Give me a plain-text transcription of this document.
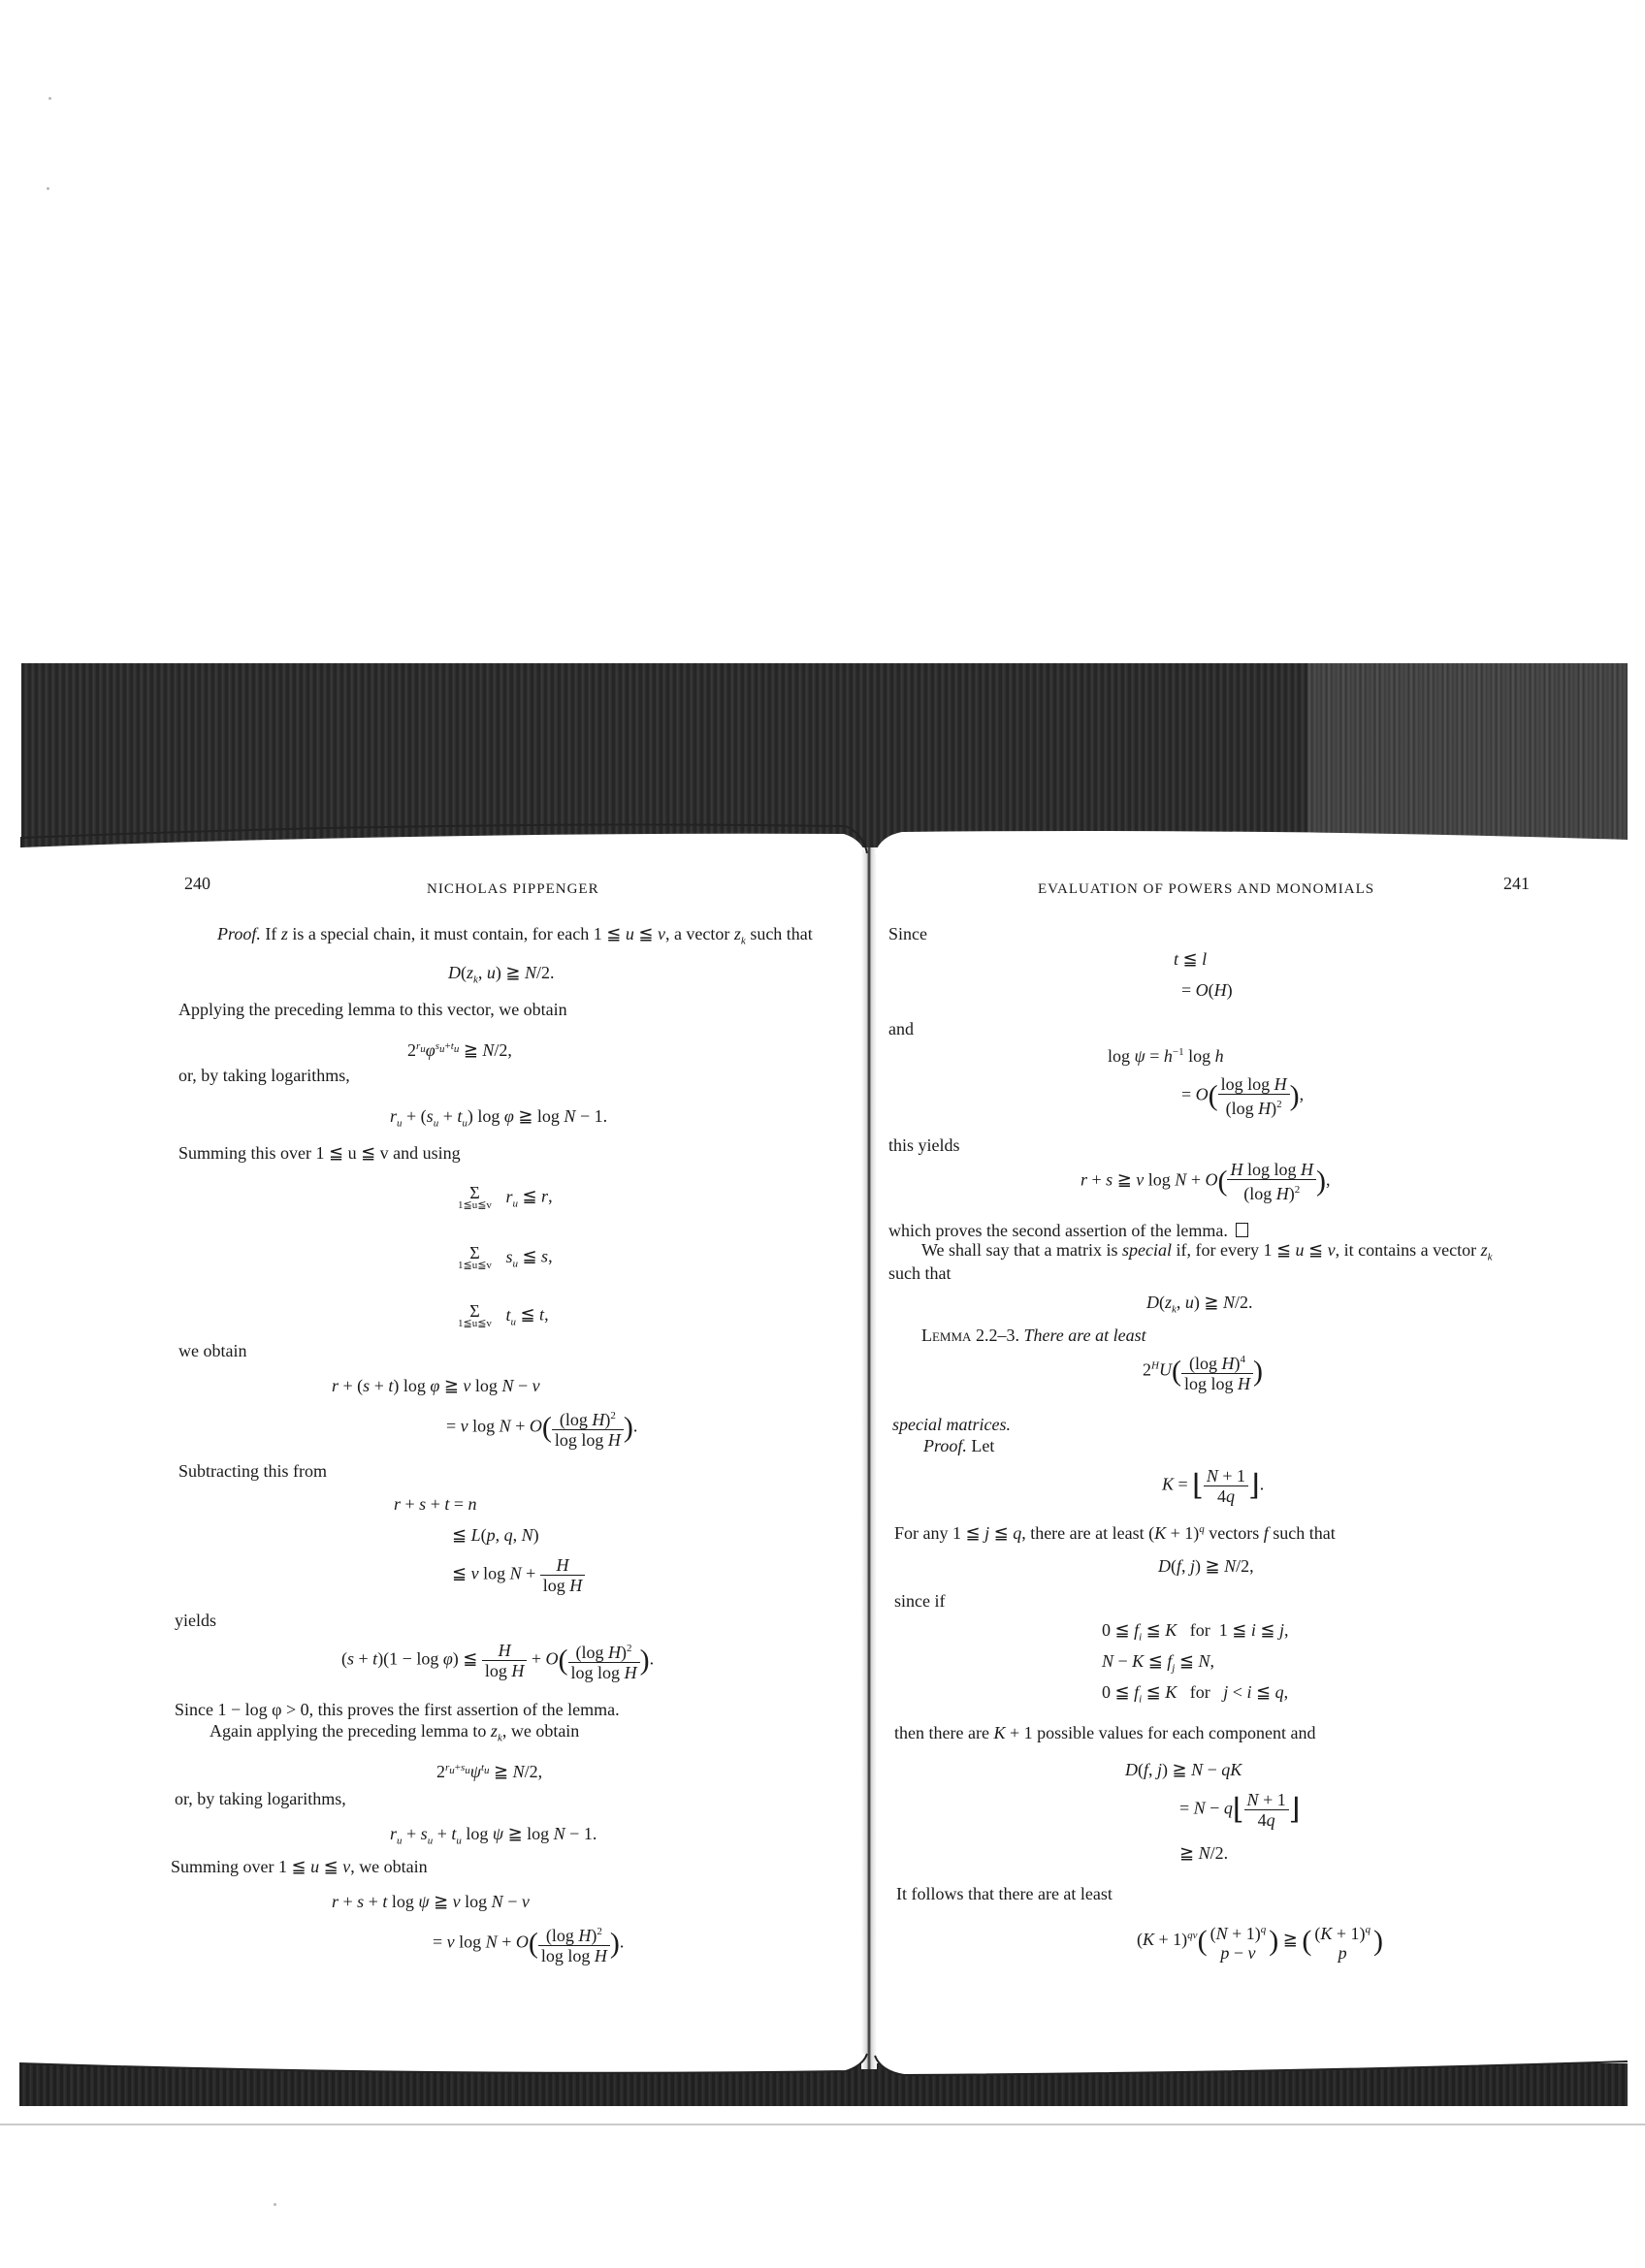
240	NICHOLAS PIPPENGER
Proof. If z is a special chain, it must contain, for each 1 ≦ u ≦ v, a vector $z_k$ such that
$D(z_k$, u) ≧ N/2.
Applying the preceding lemma to this vector, we obtain
$2^{r_u}\varphi^{s_u+t_u}$ ≧ N/2,
or, by taking logarithms,
$r_u + (s_u + t_u)$ log φ ≧ log N − 1.
Summing this over 1 ≦ u ≦ v and using
Σ
1≦u≦v $r_u$ ≦ r,
Σ
1≦u≦v $s_u$ ≦ s,
Σ
1≦u≦v $t_u$ ≦ t,
we obtain
r + (s + t) log φ ≧ v log N − v
= v $\log N + O( \frac{(\log H)^2}{\text{log log H}}$ ).
Subtracting this from
r + s + t = n
≦ L(p, q, N)
≦ v $\log N + \frac{H}{\text{log H}}$
yields
(s + t)(1 − log φ) ≦ $\frac{H}{\text{log H}} + O( \frac{(\log H)^2}{\text{log log H}}$ ).
Since 1 − log φ > 0, this proves the first assertion of the lemma.
Again applying the preceding lemma to $z_k$, we obtain
$2^{r_u+s_u}\psi^{t_u}$ ≧ N/2,
or, by taking logarithms,
$r_u + s_u + t_u$ log ψ ≧ log N − 1.
Summing over 1 ≦ u ≦ v, we obtain
r + s + t log ψ ≧ v log N − v
= v $\log N + O( \frac{(\log H)^2}{\text{log log H}}$ ).
EVALUATION OF POWERS AND MONOMIALS	241
Since
t ≦ l
= O(H)
and
$\log \psi = h^{-1}$ log h
= $O( \frac{\text{log log H}}{(\log H)^2}$ ),
this yields
r + s ≧ v $\log N + O( \frac{\text{H log log H}}{(\log H)^2}$ ),
which proves the second assertion of the lemma.
We shall say that a matrix is special if, for every 1 ≦ u ≦ v, it contains a vector $z_k$
such that
$D(z_k$, u) ≧ N/2.
Lemma 2.2–3. There are at least
$2^HU( \frac{(\log H)^4}{\text{log log H}}$ )
special matrices.
Proof. Let
K = ⌊ $\frac{N + 1}{4q}$ ⌋.
For any 1 ≦ j ≦ q, there are at least $(K + 1)^q$ vectors f such that
D(f, j) ≧ N/2,
since if
0 ≦ $f_i$ ≦ K   for  1 ≦ i ≦ j,
N − K ≦ $f_j$ ≦ N,
0 ≦ $f_i$ ≦ K   for   j < i ≦ q,
then there are K + 1 possible values for each component and
D(f, j) ≧ N − qK
= N − q⌊ $\frac{N + 1}{4q}$ ⌋
≧ N/2.
It follows that there are at least
$(K + 1)^{qv}$( $(N + 1)^q$
p − v ) ≧ ( $(K + 1)^q$
p )
